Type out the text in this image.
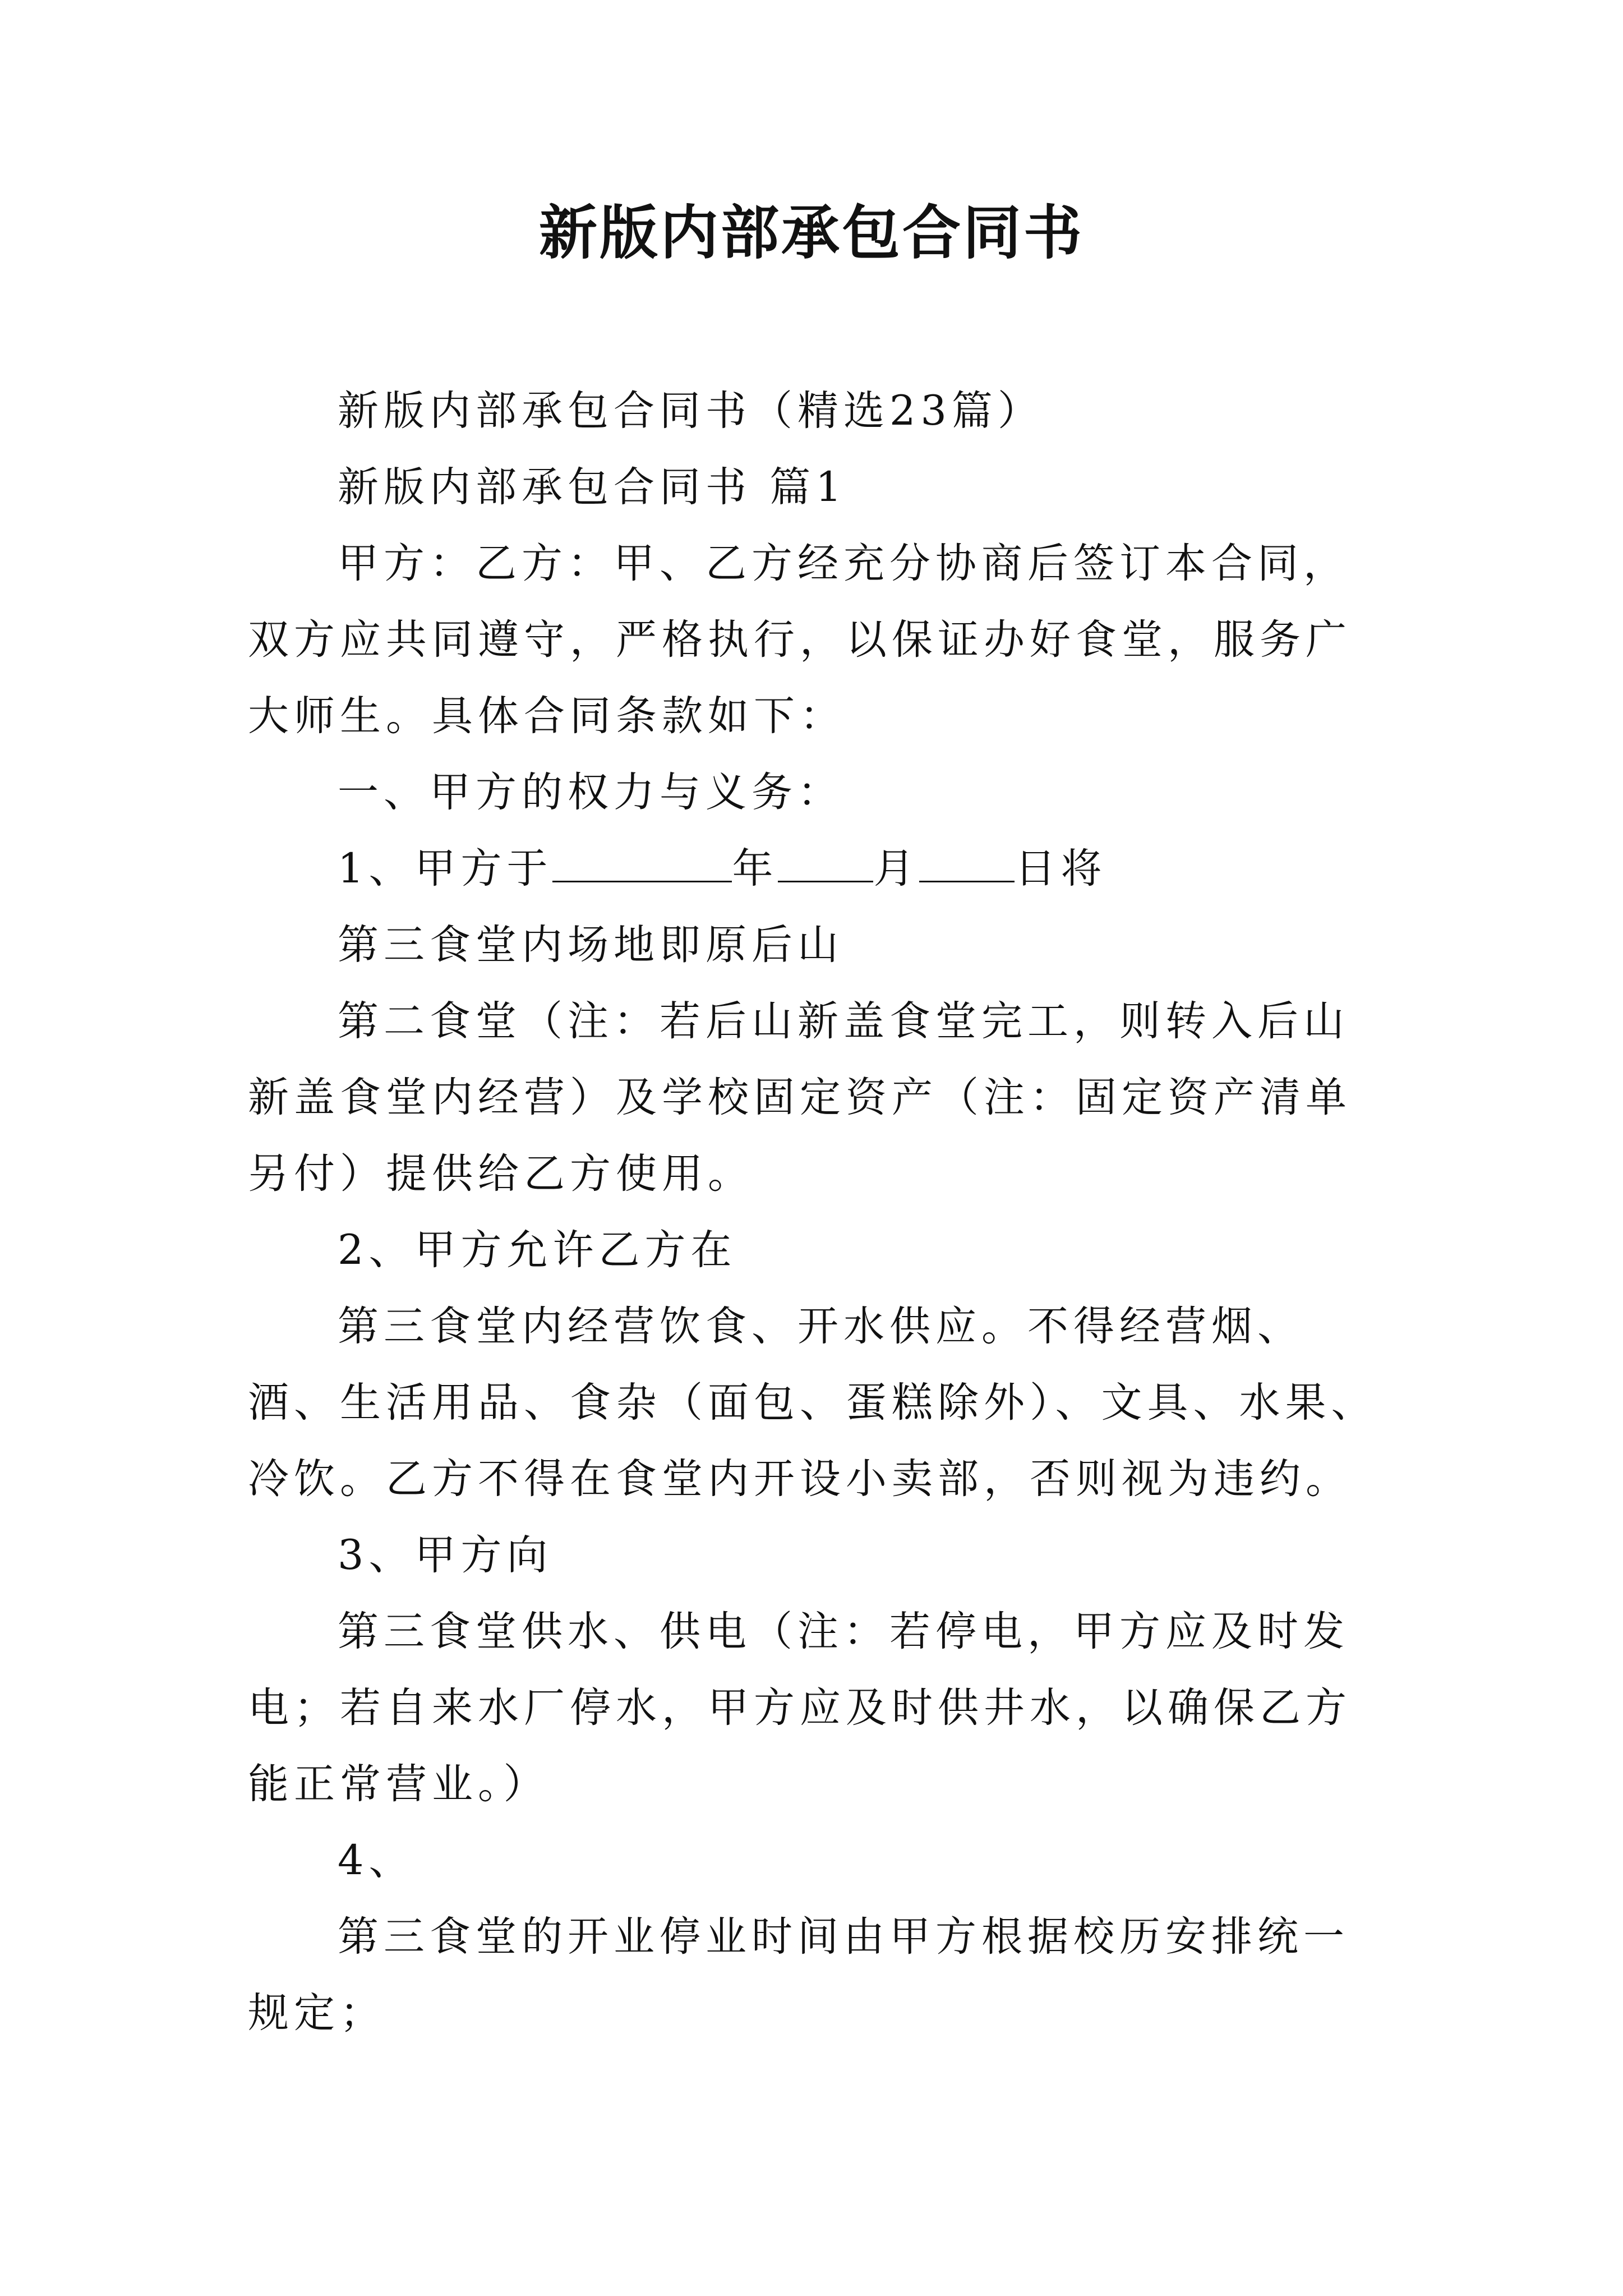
新版内部承包合同书

新版内部承包合同书（精选23篇）

新版内部承包合同书 篇1

甲方：乙方：甲、乙方经充分协商后签订本合同，双方应共同遵守，严格执行，以保证办好食堂，服务广大师生。具体合同条款如下：

一、甲方的权力与义务：

1、甲方于	年 月 日将

第三食堂内场地即原后山

第二食堂（注：若后山新盖食堂完工，则转入后山新盖食堂内经营）及学校固定资产（注：固定资产清单另付）提供给乙方使用。

2、甲方允许乙方在

第三食堂内经营饮食、开水供应。不得经营烟、酒、生活用品、食杂（面包、蛋糕除外）、文具、水果、冷饮。乙方不得在食堂内开设小卖部，否则视为违约。

3、甲方向

第三食堂供水、供电（注：若停电，甲方应及时发电；若自来水厂停水，甲方应及时供井水，以确保乙方能正常营业。）

4、

第三食堂的开业停业时间由甲方根据校历安排统一规定；
